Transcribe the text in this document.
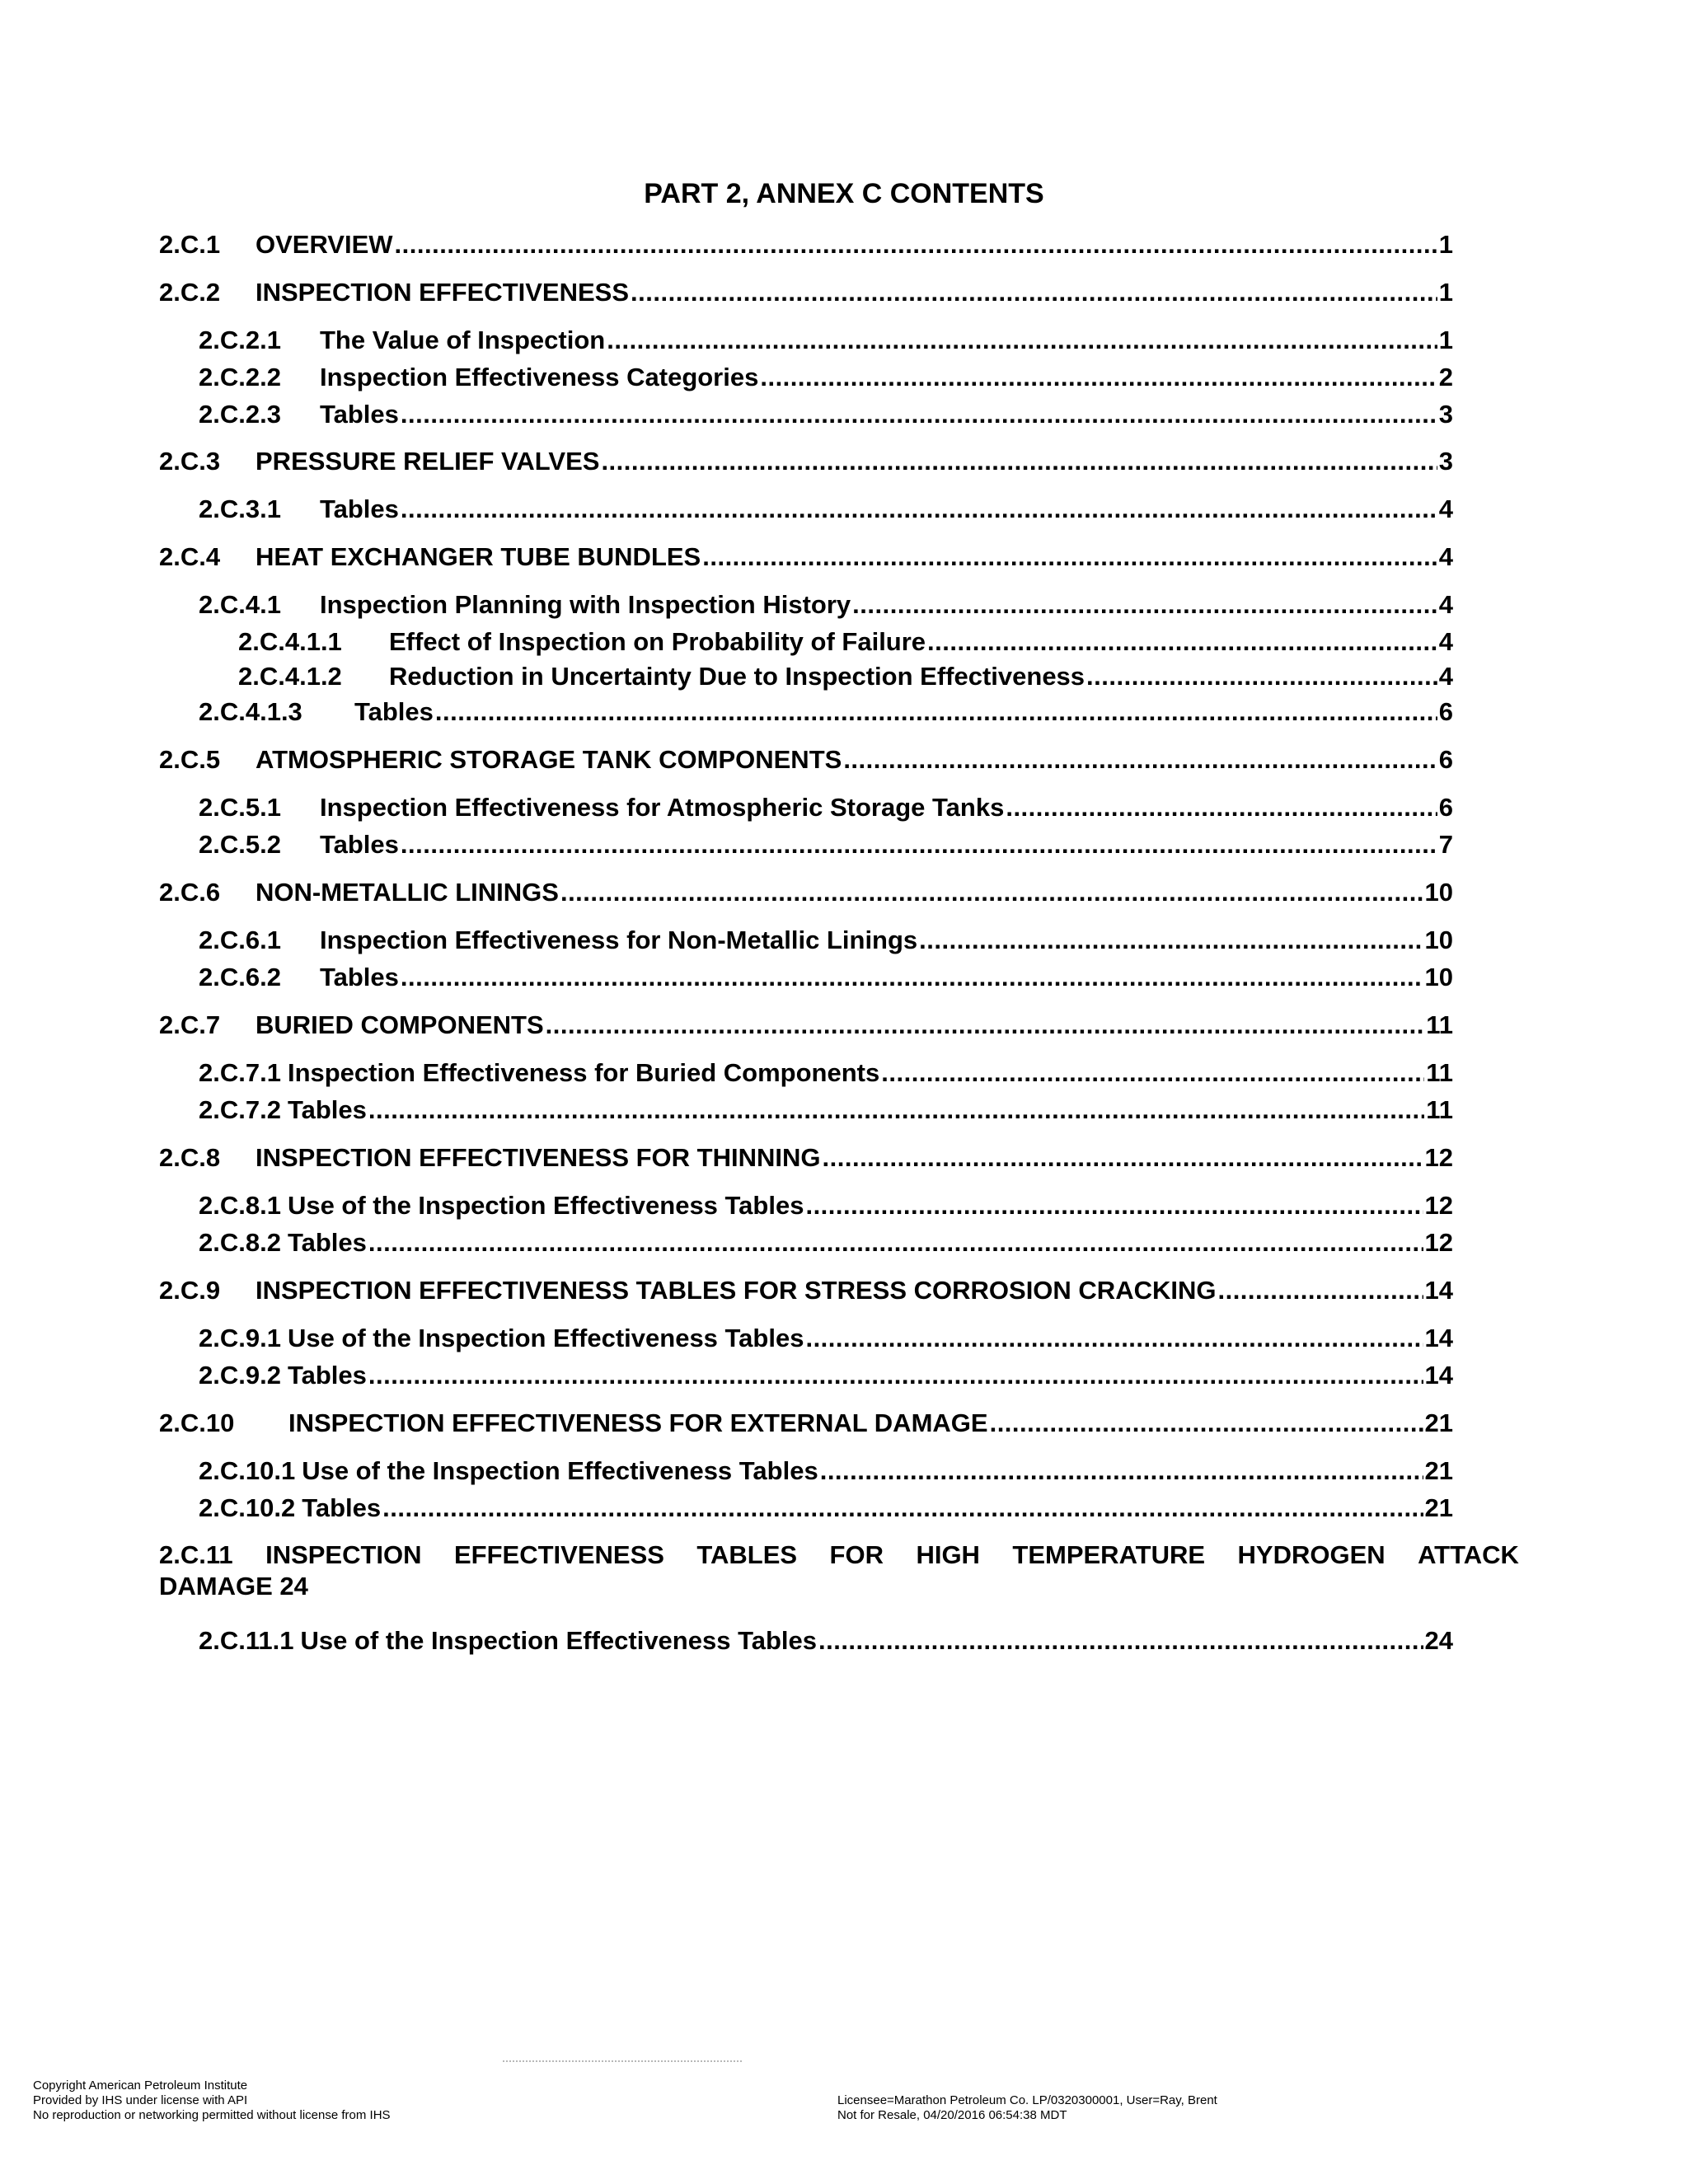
PART 2, ANNEX C CONTENTS
2.C.1	OVERVIEW .....	1
2.C.2	INSPECTION EFFECTIVENESS .....	1
2.C.2.1	The Value of Inspection .....	1
2.C.2.2	Inspection Effectiveness Categories .....	2
2.C.2.3	Tables .....	3
2.C.3	PRESSURE RELIEF VALVES .....	3
2.C.3.1	Tables .....	4
2.C.4	HEAT EXCHANGER TUBE BUNDLES .....	4
2.C.4.1	Inspection Planning with Inspection History .....	4
2.C.4.1.1	Effect of Inspection on Probability of Failure .....	4
2.C.4.1.2	Reduction in Uncertainty Due to Inspection Effectiveness .....	4
2.C.4.1.3	Tables .....	6
2.C.5	ATMOSPHERIC STORAGE TANK COMPONENTS .....	6
2.C.5.1	Inspection Effectiveness for Atmospheric Storage Tanks .....	6
2.C.5.2	Tables .....	7
2.C.6	NON-METALLIC LININGS .....	10
2.C.6.1	Inspection Effectiveness for Non-Metallic Linings .....	10
2.C.6.2	Tables .....	10
2.C.7	BURIED COMPONENTS .....	11
2.C.7.1 Inspection Effectiveness for Buried Components .....	11
2.C.7.2 Tables .....	11
2.C.8	INSPECTION EFFECTIVENESS FOR THINNING .....	12
2.C.8.1 Use of the Inspection Effectiveness Tables .....	12
2.C.8.2 Tables .....	12
2.C.9	INSPECTION EFFECTIVENESS TABLES FOR STRESS CORROSION CRACKING .....	14
2.C.9.1 Use of the Inspection Effectiveness Tables .....	14
2.C.9.2 Tables .....	14
2.C.10	INSPECTION EFFECTIVENESS FOR EXTERNAL DAMAGE .....	21
2.C.10.1 Use of the Inspection Effectiveness Tables .....	21
2.C.10.2 Tables .....	21
2.C.11 INSPECTION EFFECTIVENESS TABLES FOR HIGH TEMPERATURE HYDROGEN ATTACK
DAMAGE 24
2.C.11.1 Use of the Inspection Effectiveness Tables .....	24
Copyright American Petroleum Institute
Provided by IHS under license with API
No reproduction or networking permitted without license from IHS
Licensee=Marathon Petroleum Co. LP/0320300001, User=Ray, Brent
Not for Resale, 04/20/2016 06:54:38 MDT
